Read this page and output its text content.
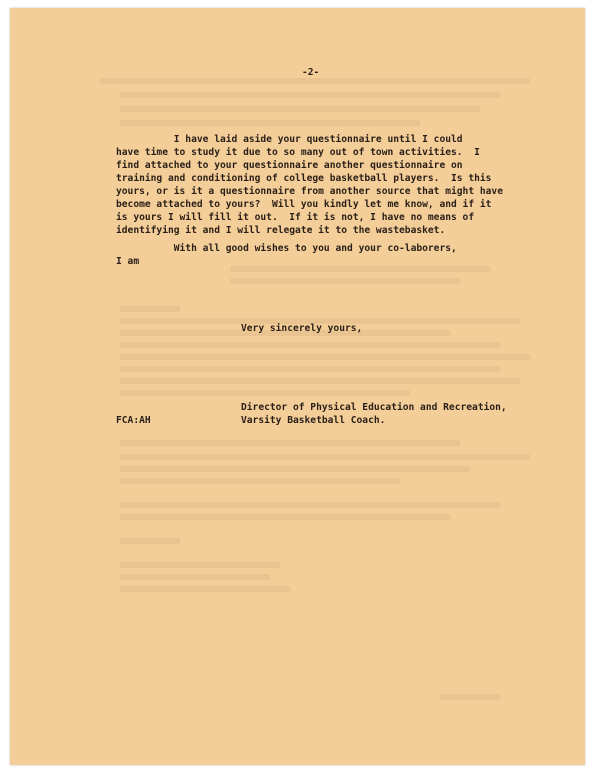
-2-

I have laid aside your questionnaire until I could
have time to study it due to so many out of town activities.  I
find attached to your questionnaire another questionnaire on
training and conditioning of college basketball players.  Is this
yours, or is it a questionnaire from another source that might have
become attached to yours?  Will you kindly let me know, and if it
is yours I will fill it out.  If it is not, I have no means of
identifying it and I will relegate it to the wastebasket.
With all good wishes to you and your co-laborers,
I am

Very sincerely yours,

Director of Physical Education and Recreation,
Varsity Basketball Coach.

FCA:AH
